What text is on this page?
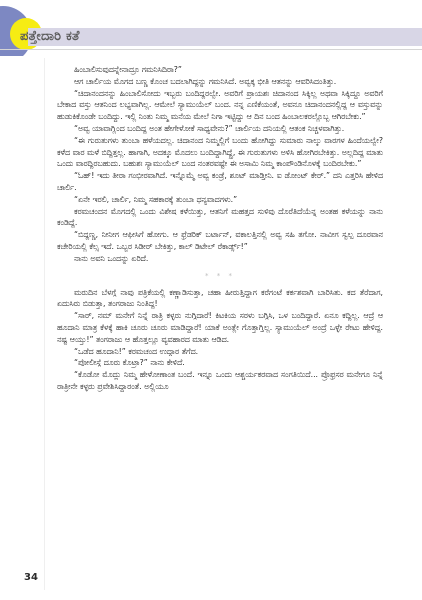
ಪತ್ತೇದಾರಿ ಕತೆ

ಹಿಂಬಾಲಿಸುವುದನ್ನೇನಾದ್ರೂ ಗಮನಿಸಿದಿರಾ?”

ಆಗ ಚಾರ್ಲಿಯ ಮೊಗದ ಬಣ್ಣ ಕೊಂಚ ಬದಲಾಗಿದ್ದನ್ನು ಗಮನಿಸಿದೆ. ಅವ್ವಕ್ಕ ಭೀತಿ ಆತನನ್ನು ಆವರಿಸಿದಂತಿತ್ತು.

“ಚಿದಾನಂದನನ್ನು ಹಿಂಬಾಲಿಸೋದು ಇಬ್ಬರು ಬಂದಿದ್ದರಲ್ವೇ. ಅವರಿಗೆ ಪ್ರಾಯಶಃ ಚಿದಾನಂದ ಸಿಕ್ಕಿಲ್ಲ ಅಥವಾ ಸಿಕ್ಕಿದ್ದೂ ಅವರಿಗೆ ಬೇಕಾದ ವಸ್ತು ಆತನಿಂದ ಲಭ್ಯವಾಗಿಲ್ಲ. ಆಮೇಲೆ ಸ್ಯಾಮುಯೆಲ್ ಬಂದ. ನನ್ನ ಎಣಿಕೆಯಂತೆ, ಅವನೂ ಚಿದಾನಂದನಲ್ಲಿದ್ದ ಆ ವಸ್ತುವನ್ನು ಹುಡುಕಿಕೊಂಡೇ ಬಂದಿದ್ದು. ಇಲ್ಲಿ ನಿಂತು ನಿಮ್ಮ ಮನೆಯ ಮೇಲೆ ನಿಗಾ ಇಟ್ಟಿದ್ದು ಆ ದಿನ ಬಂದ ಹಿಂಬಾಲಕರಲ್ಲೊಬ್ಬ ಆಗಿರಬೇಕು.”

“ಅವ್ವ ಯಾವಾಗ್ಲಿಂದ ಬಂದಿದ್ದ ಅಂತ ಹೇಗೇಳೋಕೆ ಸಾಧ್ಯವೇನು?” ಚಾರ್ಲಿಯ ದನಿಯಲ್ಲಿ ಆತಂಕ ನಿಚ್ಚಳವಾಗಿತ್ತು.

“ಈ ಗುರುತುಗಳು ತುಂಬಾ ಹಳೆಯದಲ್ಲ. ಚಿದಾನಂದ ನಿಮ್ಮಲ್ಲಿಗೆ ಬಂದು ಹೋಗಿದ್ದು ಸುಮಾರು ನಾಲ್ಕು ವಾರಗಳ ಹಿಂದೆಯಲ್ವೇ? ಕಳೆದ ವಾರ ಮಳೆ ಬಿದ್ದಿತ್ತಲ್ಲ. ಹಾಗಾಗಿ, ಅದಕ್ಕೂ ಮೊದಲು ಬಂದಿದ್ದಾಗಿದ್ದ್ರೆ, ಈ ಗುರುತುಗಳು ಅಳಿಸಿ ಹೋಗಿರಬೇಕಿತ್ತು. ಅಲ್ಲದಿದ್ದ ಮಾತು ಒಂದು ವಾರದ್ದಿರಬಹುದು. ಬಹುಶಃ ಸ್ಯಾಮುಯೆಲ್ ಬಂದ ನಂತರವಷ್ಟೇ ಈ ಅಸಾಮಿ ನಿಮ್ಮ ಕಾಂಪೌಂಡಿನೊಳಕ್ಕೆ ಬಂದಿರಬೇಕು.”

“ಓಹ್! ಇದು ತೀರಾ ಗಂಭೀರವಾಗಿದೆ. ಇನ್ನೊಮ್ಮೆ ಅವ್ವ ಕಂಡ್ರೆ, ಶೂಟ್ ಮಾಡ್ತೀನಿ. ಐ ಡೋಂಟ್ ಕೇರ್.” ದನಿ ಎತ್ತರಿಸಿ ಹೇಳಿದ ಚಾರ್ಲಿ.

“ಏನೇ ಇರಲಿ, ಚಾರ್ಲಿ, ನಿಮ್ಮ ಸಹಕಾರಕ್ಕೆ ತುಂಬಾ ಧನ್ಯವಾದಗಳು.”

ಕರಮಚಂದನ ಮೊಗದಲ್ಲಿ ಒಂದು ವಿಶೇಷ ಕಳೆಯಿತ್ತು, ಆತನಿಗೆ ಮಹತ್ತದ ಸುಳಿವು ದೊರೆತಿದೆಯೆನ್ನ ಅಂತಹ ಕಳೆಯನ್ನು ನಾನು ಕಂಡಿದ್ದೆ.

“ಬಿದ್ದಣ್ಣ, ನೀನೀಗ ಆಫೀಸಿಗೆ ಹೋಗು. ಆ ಫ್ರೆಡರಿಕ್ ಬರ್ಟಾನ್, ವಕಾಲತ್ತಿನಲ್ಲಿ ಅವ್ವ ಸಹಿ ತಗೋ. ನಾವೀಗ ಸ್ವಲ್ಪ ದೂರವಾನ ಕಚೇರಿಯಲ್ಲಿ ಕೆಲ್ಸ ಇದೆ. ಒಬ್ಬರ ಸಿಡೀರ್ ಬೇಕಿತ್ತು, ಕಾಲ್ ಡಿಟೇಲ್ ರೆಕಾರ್ಡ್ಸ್!”

ನಾನು ಅವನಿ ಒಂದನ್ನು ಏರಿದೆ.

* * *

ಮರುದಿನ ಬೆಳಗ್ಗೆ ನಾವು ಪತ್ರಿಕೆಯಲ್ಲಿ ಕಣ್ಣಾಡಿಸುತ್ತಾ, ಚಹಾ ಹೀರುತ್ತಿದ್ದಾಗ ಕರೆಗಂಟೆ ಕರ್ಕಶವಾಗಿ ಬಾರಿಸಿತು. ಕದ ತೆರೆದಾಗ, ಏದುಸಿರು ಬಿಡುತ್ತಾ, ತಂಗರಾಜು ನಿಂತಿದ್ದ!

“ಸಾರ್, ನಮ್ ಮನೇಗೆ ನಿನ್ನೆ ರಾತ್ರಿ ಕಳ್ಳರು ನುಗ್ಗಿದಾರೆ! ಕಿಟಕಿಯ ಸರಳು ಬಗ್ಗಿಸಿ, ಒಳ ಬಂದಿದ್ದಾರೆ. ಏನೂ ಕದ್ದಿಲ್ಲ. ಆದ್ರೆ ಆ ಹೂದಾನಿ ಮಾತ್ರ ಕೆಳಕ್ಕೆ ಹಾಕಿ ಚೂರು ಚೂರು ಮಾಡಿದ್ದಾರೆ! ಯಾಕೆ ಅಂತ್ಲೇ ಗೊತ್ತಾಗ್ತಿಲ್ಲ. ಸ್ಯಾಮುಯೆಲ್ ಅಂದ್ರೆ ಒಳ್ಳೇ ರೇಟು ಹೇಳಿದ್ದ. ನಷ್ಟ ಆಯ್ತು!” ತಂಗರಾಜು ಆ ಹೊತ್ತಲ್ಲೂ ವ್ಯವಹಾರದ ಮಾತು ಆಡಿದ.

“ಒಡೆದ ಹೂದಾನಿ!” ಕರಮಚಂದ ಉದ್ಗಾರ ತೆಗೆದ.

“ಪೋಲೀಸ್ಗೆ ದೂರು ಕೊಟ್ರಾ?” ನಾನು ಕೇಳಿದೆ.

“ಕೊಡೋ ಮೊದ್ಲು ನಿಮ್ಮ ಹೇಳೋಣಾಂತ ಬಂದೆ. ಇನ್ನೂ ಒಂದು ಆಶ್ಚರ್ಯಕರವಾದ ಸಂಗತಿಯಿದೆ... ಪ್ರೊಫ್ರಸರ ಮನೇಗೂ ನಿನ್ನೆ ರಾತ್ರೀನೇ ಕಳ್ಳರು ಪ್ರವೇಶಿಸಿದ್ದಾರಂತೆ. ಅಲ್ಲಿಯೂ

34
